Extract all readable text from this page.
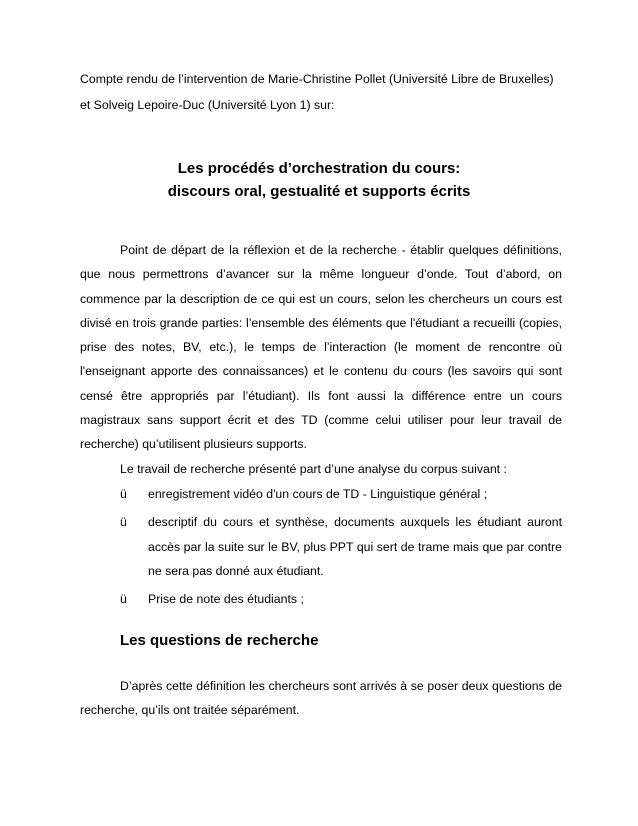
Compte rendu de l’intervention de Marie-Christine Pollet (Université Libre de Bruxelles)
et Solveig Lepoire-Duc (Université Lyon 1) sur:
Les procédés d’orchestration du cours:
discours oral, gestualité et supports écrits

Point de départ de la réflexion et de la recherche - établir quelques définitions, que nous permettrons d’avancer sur la même longueur d’onde. Tout d’abord, on commence par la description de ce qui est un cours, selon les chercheurs un cours est divisé en trois grande parties: l’ensemble des éléments que l'étudiant a recueilli (copies, prise des notes, BV, etc.), le temps de l’interaction (le moment de rencontre où l'enseignant apporte des connaissances) et le contenu du cours (les savoirs qui sont censé être appropriés par l’étudiant). Ils font aussi la différence entre un cours magistraux sans support écrit et des TD (comme celui utiliser pour leur travail de recherche) qu’utilisent plusieurs supports.

Le travail de recherche présenté part d’une analyse du corpus suivant :

ü enregistrement vidéo d'un cours de TD - Linguistique général ;
ü descriptif du cours et synthèse, documents auxquels les étudiant auront accès par la suite sur le BV, plus PPT qui sert de trame mais que par contre ne sera pas donné aux étudiant.
ü Prise de note des étudiants ;
Les questions de recherche

D’après cette définition les chercheurs sont arrivés à se poser deux questions de recherche, qu’ils ont traitée séparément.
